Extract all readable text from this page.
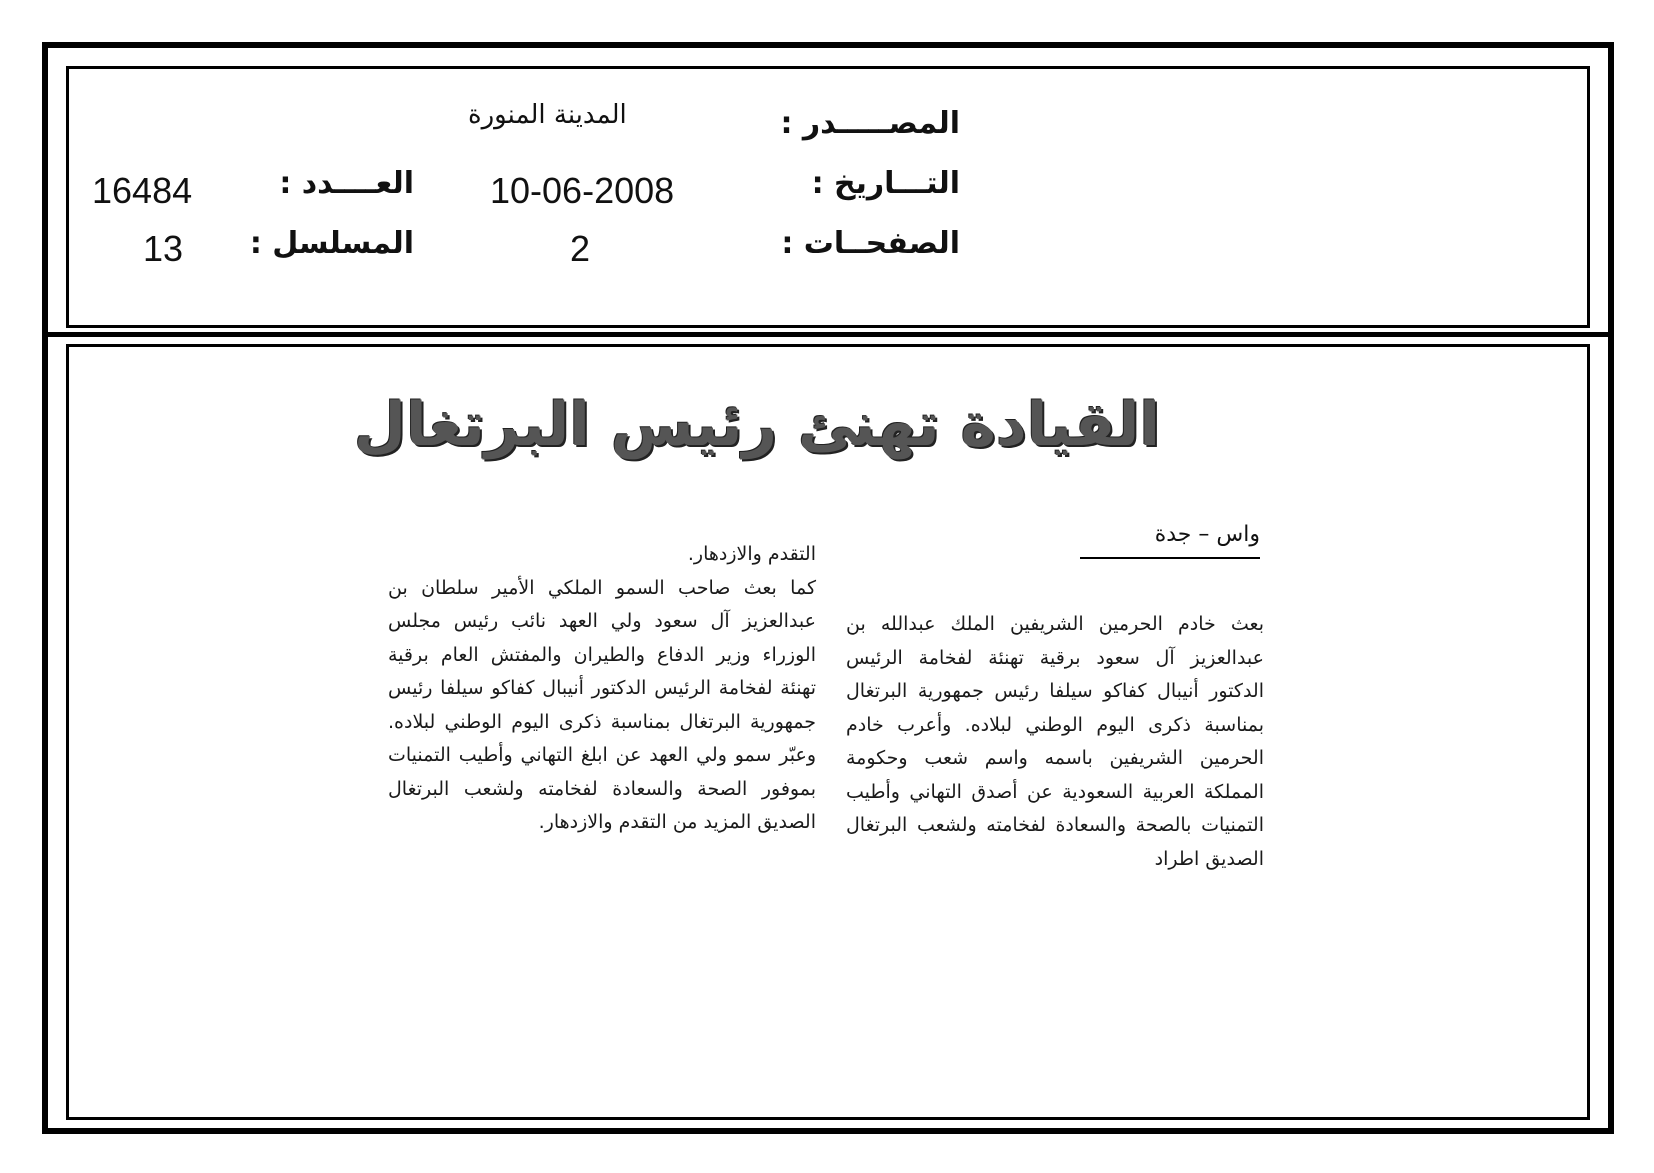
المصـــــدر :
المدينة المنورة
التـــاريخ :
10-06-2008
العــــدد :
16484
الصفحــات :
2
المسلسل :
13
القيادة تهنئ رئيس البرتغال
واس – جدة

بعث خادم الحرمين الشريفين الملك عبدالله بن عبدالعزيز آل سعود برقية تهنئة لفخامة الرئيس الدكتور أنيبال كفاكو سيلفا رئيس جمهورية البرتغال بمناسبة ذكرى اليوم الوطني لبلاده. وأعرب خادم الحرمين الشريفين باسمه واسم شعب وحكومة المملكة العربية السعودية عن أصدق التهاني وأطيب التمنيات بالصحة والسعادة لفخامته ولشعب البرتغال الصديق اطراد

التقدم والازدهار.

كما بعث صاحب السمو الملكي الأمير سلطان بن عبدالعزيز آل سعود ولي العهد نائب رئيس مجلس الوزراء وزير الدفاع والطيران والمفتش العام برقية تهنئة لفخامة الرئيس الدكتور أنيبال كفاكو سيلفا رئيس جمهورية البرتغال بمناسبة ذكرى اليوم الوطني لبلاده. وعبّر سمو ولي العهد عن ابلغ التهاني وأطيب التمنيات بموفور الصحة والسعادة لفخامته ولشعب البرتغال الصديق المزيد من التقدم والازدهار.
